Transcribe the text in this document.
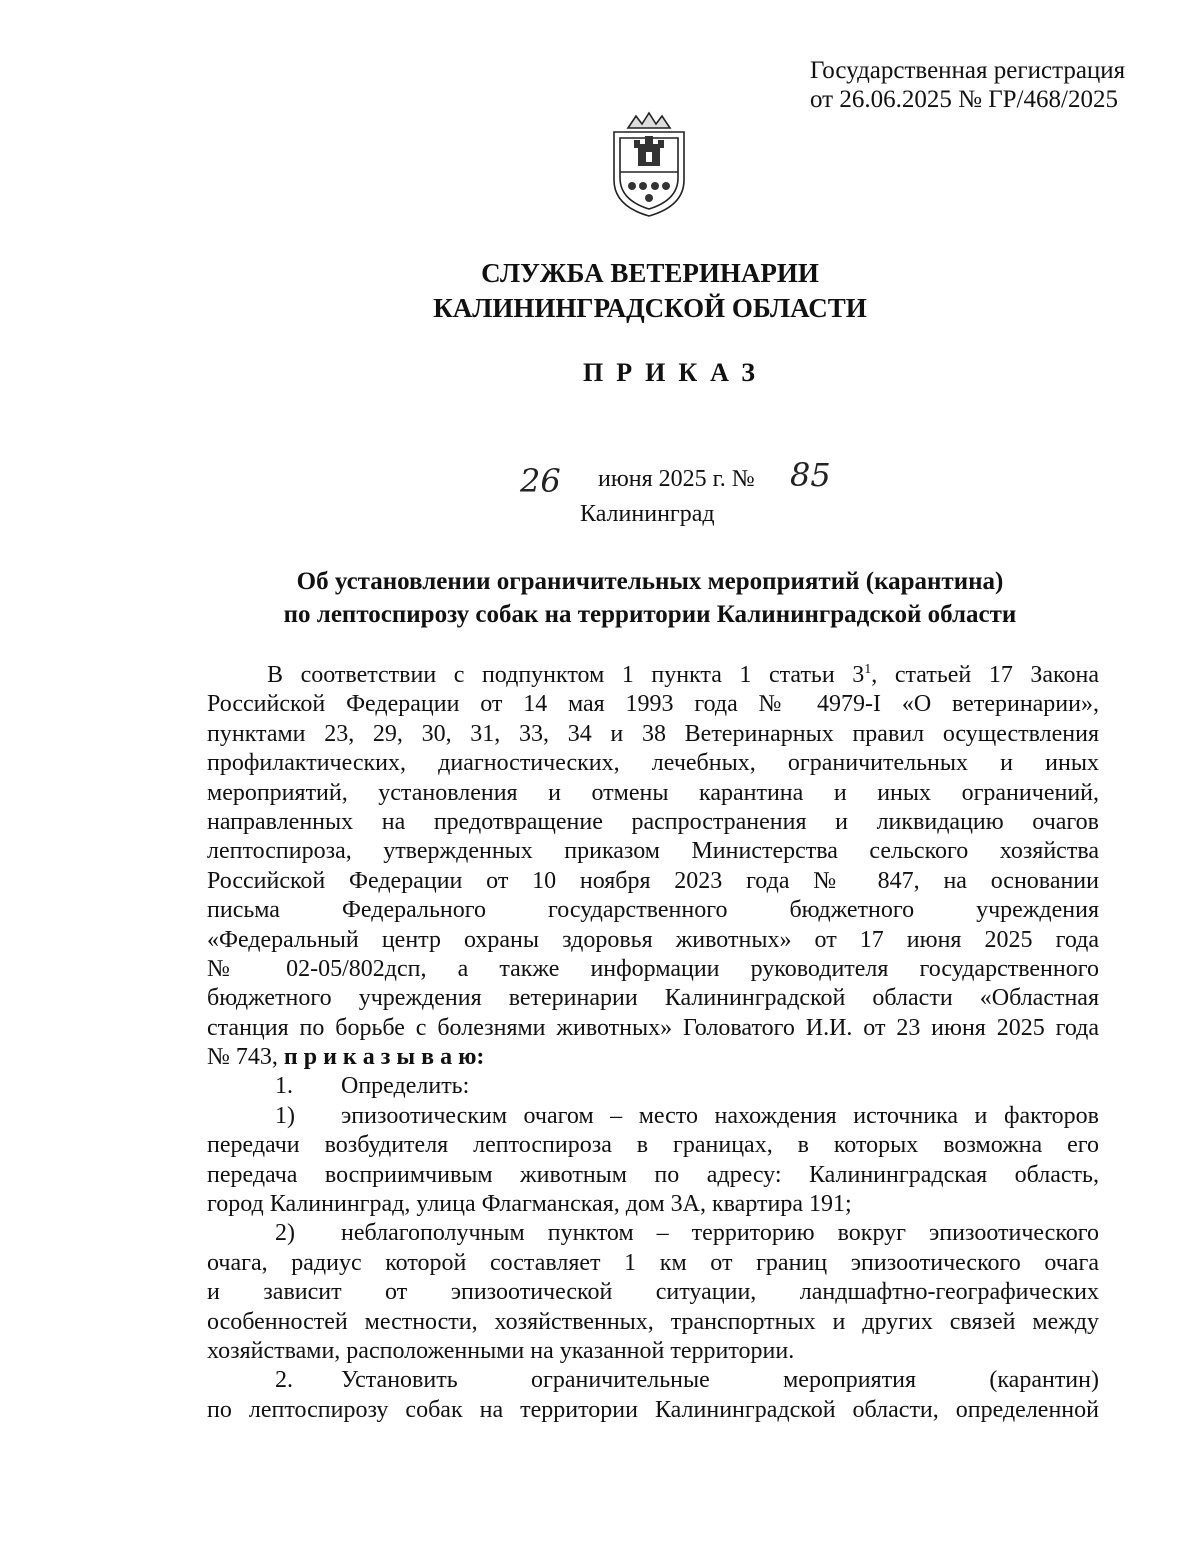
Государственная регистрация
от 26.06.2025 № ГР/468/2025
СЛУЖБА ВЕТЕРИНАРИИ
КАЛИНИНГРАДСКОЙ ОБЛАСТИ
ПРИКАЗ
26 июня 2025 г. № 85
Калининград
Об установлении ограничительных мероприятий (карантина)
по лептоспирозу собак на территории Калининградской области
В соответствии с подпунктом 1 пункта 1 статьи $3^1$, статьей 17 Закона
Российской Федерации от 14 мая 1993 года № 4979-I «О ветеринарии»,
пунктами 23, 29, 30, 31, 33, 34 и 38 Ветеринарных правил осуществления
профилактических, диагностических, лечебных, ограничительных и иных
мероприятий, установления и отмены карантина и иных ограничений,
направленных на предотвращение распространения и ликвидацию очагов
лептоспироза, утвержденных приказом Министерства сельского хозяйства
Российской Федерации от 10 ноября 2023 года № 847, на основании
письма Федерального государственного бюджетного учреждения
«Федеральный центр охраны здоровья животных» от 17 июня 2025 года
№ 02-05/802дсп, а также информации руководителя государственного
бюджетного учреждения ветеринарии Калининградской области «Областная
станция по борьбе с болезнями животных» Головатого И.И. от 23 июня 2025 года
№ 743, п р и к а з ы в а ю:
1. Определить:
1) эпизоотическим очагом – место нахождения источника и факторов
передачи возбудителя лептоспироза в границах, в которых возможна его
передача восприимчивым животным по адресу: Калининградская область,
город Калининград, улица Флагманская, дом 3А, квартира 191;
2) неблагополучным пунктом – территорию вокруг эпизоотического
очага, радиус которой составляет 1 км от границ эпизоотического очага
и зависит от эпизоотической ситуации, ландшафтно-географических
особенностей местности, хозяйственных, транспортных и других связей между
хозяйствами, расположенными на указанной территории.
2. Установить ограничительные мероприятия (карантин)
по лептоспирозу собак на территории Калининградской области, определенной
